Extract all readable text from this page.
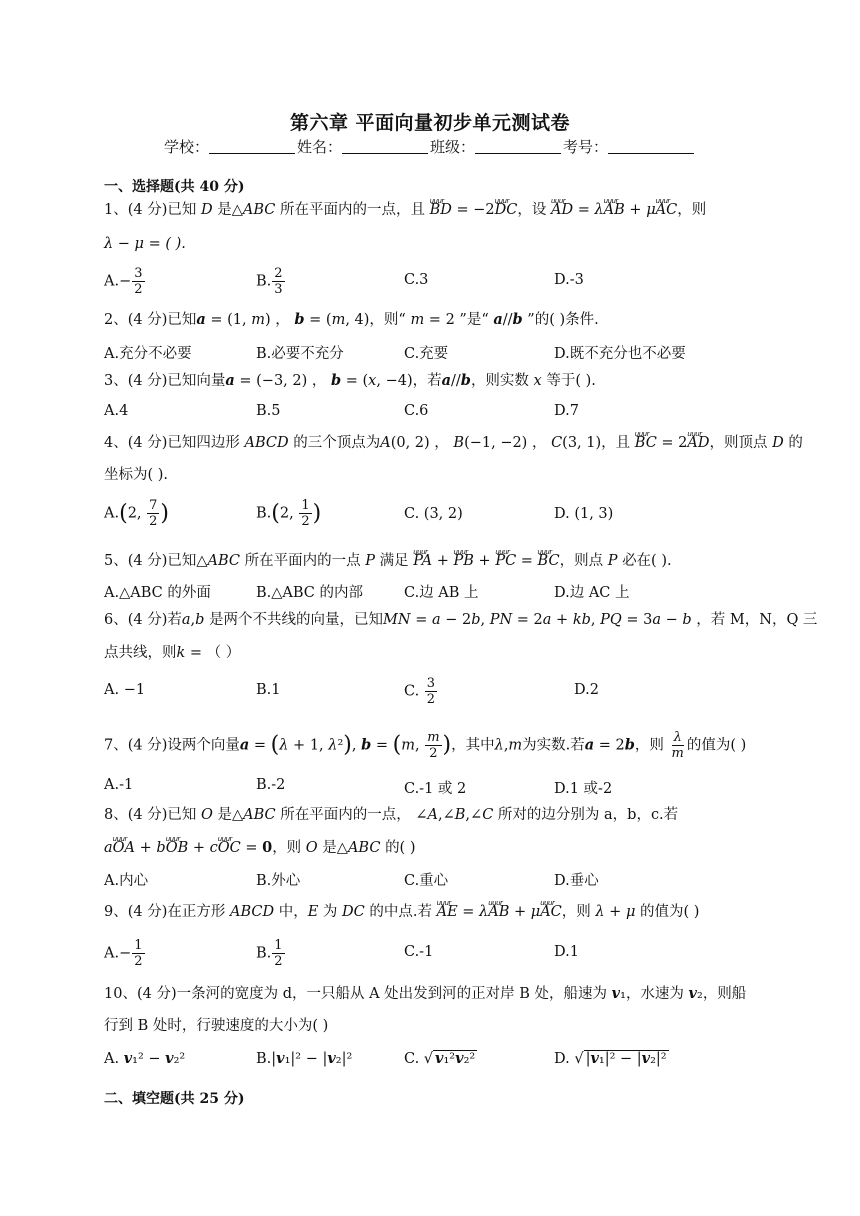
第六章 平面向量初步单元测试卷
学校：	姓名：	班级：	考号：
一、选择题(共 40 分)
1、(4 分)已知 D 是△ABC 所在平面内的一点，且 uuur BD = −2uuur DC，设 uuur AD = λuuur AB + μuuur AC，则
λ − μ = ( ).
$A.- \frac{3}{2}$	B. $\frac{2}{3}$	C.3	D.-3
2、(4 分)已知a = (1, m) ， b = (m, 4)，则“ m = 2 ”是“ a//b ”的( )条件.
A.充分不必要	B.必要不充分	C.充要	D.既不充分也不必要
3、(4 分)已知向量a = (−3, 2) ， b = (x, −4)，若a//b，则实数 x 等于( ).
A.4	B.5	C.6	D.7
4、(4 分)已知四边形 ABCD 的三个顶点为A(0, 2) ， B(−1, −2) ， C(3, 1)，且 uuur BC = 2uuur AD，则顶点 D 的
坐标为( ).
A.(2, $\frac{7}{2}$ )	B.(2, $\frac{1}{2}$ )	C. (3, 2)	D. (1, 3)
5、(4 分)已知△ABC 所在平面内的一点 P 满足 uuur PA + uuur PB + uuur PC = uuur BC，则点 P 必在( ).
A.△ABC 的外面	B.△ABC 的内部	C.边 AB 上	D.边 AC 上
6、(4 分)若a,b 是两个不共线的向量，已知MN = a − 2b, PN = 2a + kb, PQ = 3a − b ，若 M，N，Q 三
点共线，则k = （ ）
A. −1	B.1	C. $\frac{3}{2}$	D.2
7、(4 分)设两个向量a = (λ + 1, λ²), b = (m, $\frac{m}{2}$ )，其中λ,m为实数.若a = 2b，则 $\frac{\lambda}{m}$ 的值为( )
A.-1	B.-2	C.-1 或 2	D.1 或-2
8、(4 分)已知 O 是△ABC 所在平面内的一点， ∠A,∠B,∠C 所对的边分别为 a，b，c.若
auuur OA + buuur OB + cuuur OC = 0，则 O 是△ABC 的( )
A.内心	B.外心	C.重心	D.垂心
9、(4 分)在正方形 ABCD 中，E 为 DC 的中点.若 uuur AE = λuuur AB + μuuur AC，则 λ + μ 的值为( )
$A.- \frac{1}{2}$	B. $\frac{1}{2}$	C.-1	D.1
10、(4 分)一条河的宽度为 d，一只船从 A 处出发到河的正对岸 B 处，船速为 v₁，水速为 v₂，则船
行到 B 处时，行驶速度的大小为( )
A. v₁² − v₂²	B.|v₁|² − |v₂|²	C. √ v₁²v₂²	D. √ |v₁|² − |v₂|²
二、填空题(共 25 分)
